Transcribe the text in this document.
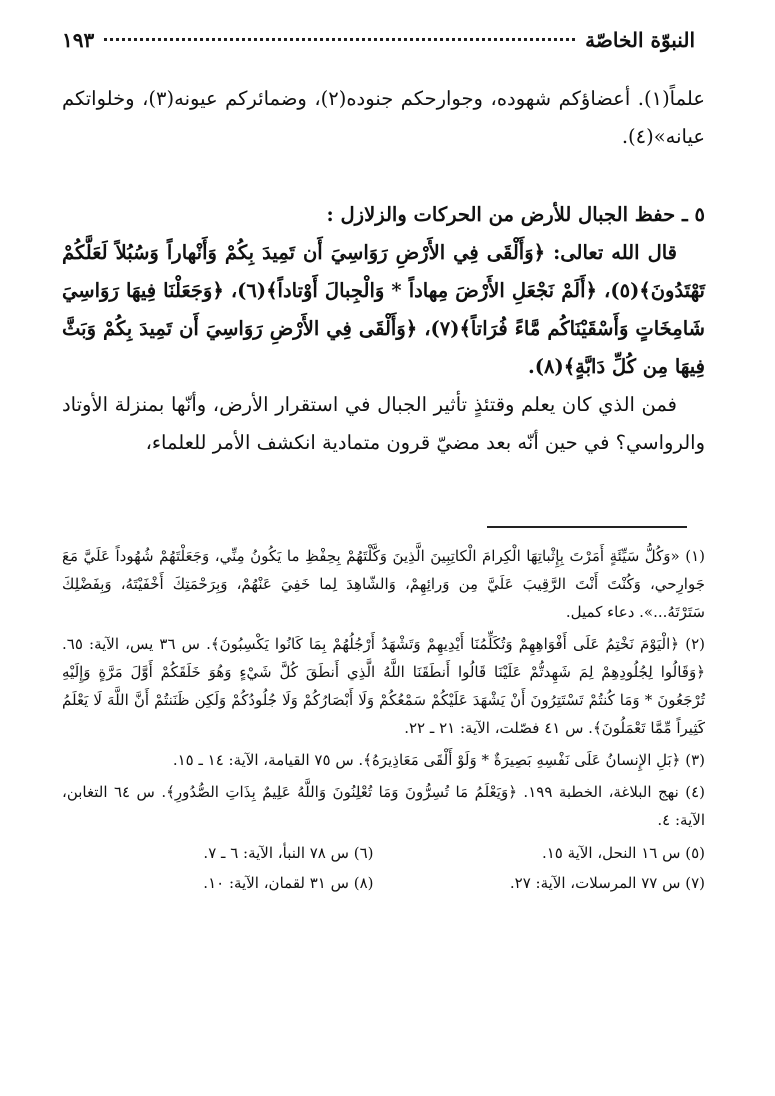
النبوّة الخاصّة
١٩٣

علماً(١). أعضاؤكم شهوده، وجوارحكم جنوده(٢)، وضمائركم عيونه(٣)، وخلواتكم عيانه»(٤).

٥ ـ حفظ الجبال للأرض من الحركات والزلازل :

قال الله تعالى: ﴿وَأَلْقَى فِي الأَرْضِ رَوَاسِيَ أَن تَمِيدَ بِكُمْ وَأَنْهاراً وَسُبُلاً لَعَلَّكُمْ تَهْتَدُونَ﴾(٥)، ﴿أَلَمْ نَجْعَلِ الأَرْضَ مِهاداً * وَالْجِبالَ أَوْتاداً﴾(٦)، ﴿وَجَعَلْنَا فِيهَا رَوَاسِيَ شَامِخَاتٍ وَأَسْقَيْنَاكُم مَّاءً فُرَاتاً﴾(٧)، ﴿وَأَلْقَى فِي الأَرْضِ رَوَاسِيَ أَن تَمِيدَ بِكُمْ وَبَثَّ فِيهَا مِن كُلِّ دَابَّةٍ﴾(٨).

فمن الذي كان يعلم وقتئذٍ تأثير الجبال في استقرار الأرض، وأنّها بمنزلة الأوتاد والرواسي؟ في حين أنّه بعد مضيّ قرون متمادية انكشف الأمر للعلماء،

(١) «وَكُلُّ سَيِّئَةٍ أَمَرْتَ بِإِثْباتِهَا الْكِرامَ الْكاتِبِينَ الَّذِينَ وَكَّلْتَهُمْ بِحِفْظِ ما يَكُونُ مِنِّي، وَجَعَلْتَهُمْ شُهُوداً عَلَيَّ مَعَ جَوارِحي، وَكُنْتَ أَنْتَ الرَّقِيبَ عَلَيَّ مِن وَرائِهِمْ، وَالشّاهِدَ لِما خَفِيَ عَنْهُمْ، وَبِرَحْمَتِكَ أَخْفَيْتَهُ، وَبِفَضْلِكَ سَتَرْتَهُ...». دعاء كميل.

(٢) ﴿الْيَوْمَ نَخْتِمُ عَلَى أَفْوَاهِهِمْ وَتُكَلِّمُنَا أَيْدِيهِمْ وَتَشْهَدُ أَرْجُلُهُمْ بِمَا كَانُوا يَكْسِبُونَ﴾. س ٣٦ يس، الآية: ٦٥. ﴿وَقَالُوا لِجُلُودِهِمْ لِمَ شَهِدتُّمْ عَلَيْنَا قَالُوا أَنطَقَنَا اللَّهُ الَّذِي أَنطَقَ كُلَّ شَيْءٍ وَهُوَ خَلَقَكُمْ أَوَّلَ مَرَّةٍ وَإِلَيْهِ تُرْجَعُونَ * وَمَا كُنتُمْ تَسْتَتِرُونَ أَنْ يَشْهَدَ عَلَيْكُمْ سَمْعُكُمْ وَلَا أَبْصَارُكُمْ وَلَا جُلُودُكُمْ وَلَكِن ظَنَنتُمْ أَنَّ اللَّهَ لَا يَعْلَمُ كَثِيراً مِّمَّا تَعْمَلُونَ﴾. س ٤١ فصّلت، الآية: ٢١ ـ ٢٢.

(٣) ﴿بَلِ الإِنسانُ عَلَى نَفْسِهِ بَصِيرَةٌ * وَلَوْ أَلْقَى مَعَاذِيرَهُ﴾. س ٧٥ القيامة، الآية: ١٤ ـ ١٥.

(٤) نهج البلاغة، الخطبة ١٩٩. ﴿وَيَعْلَمُ مَا تُسِرُّونَ وَمَا تُعْلِنُونَ وَاللَّهُ عَلِيمٌ بِذَاتِ الصُّدُورِ﴾. س ٦٤ التغابن، الآية: ٤.

(٥) س ١٦ النحل، الآية ١٥.
(٦) س ٧٨ النبأ، الآية: ٦ ـ ٧.
(٧) س ٧٧ المرسلات، الآية: ٢٧.
(٨) س ٣١ لقمان، الآية: ١٠.
